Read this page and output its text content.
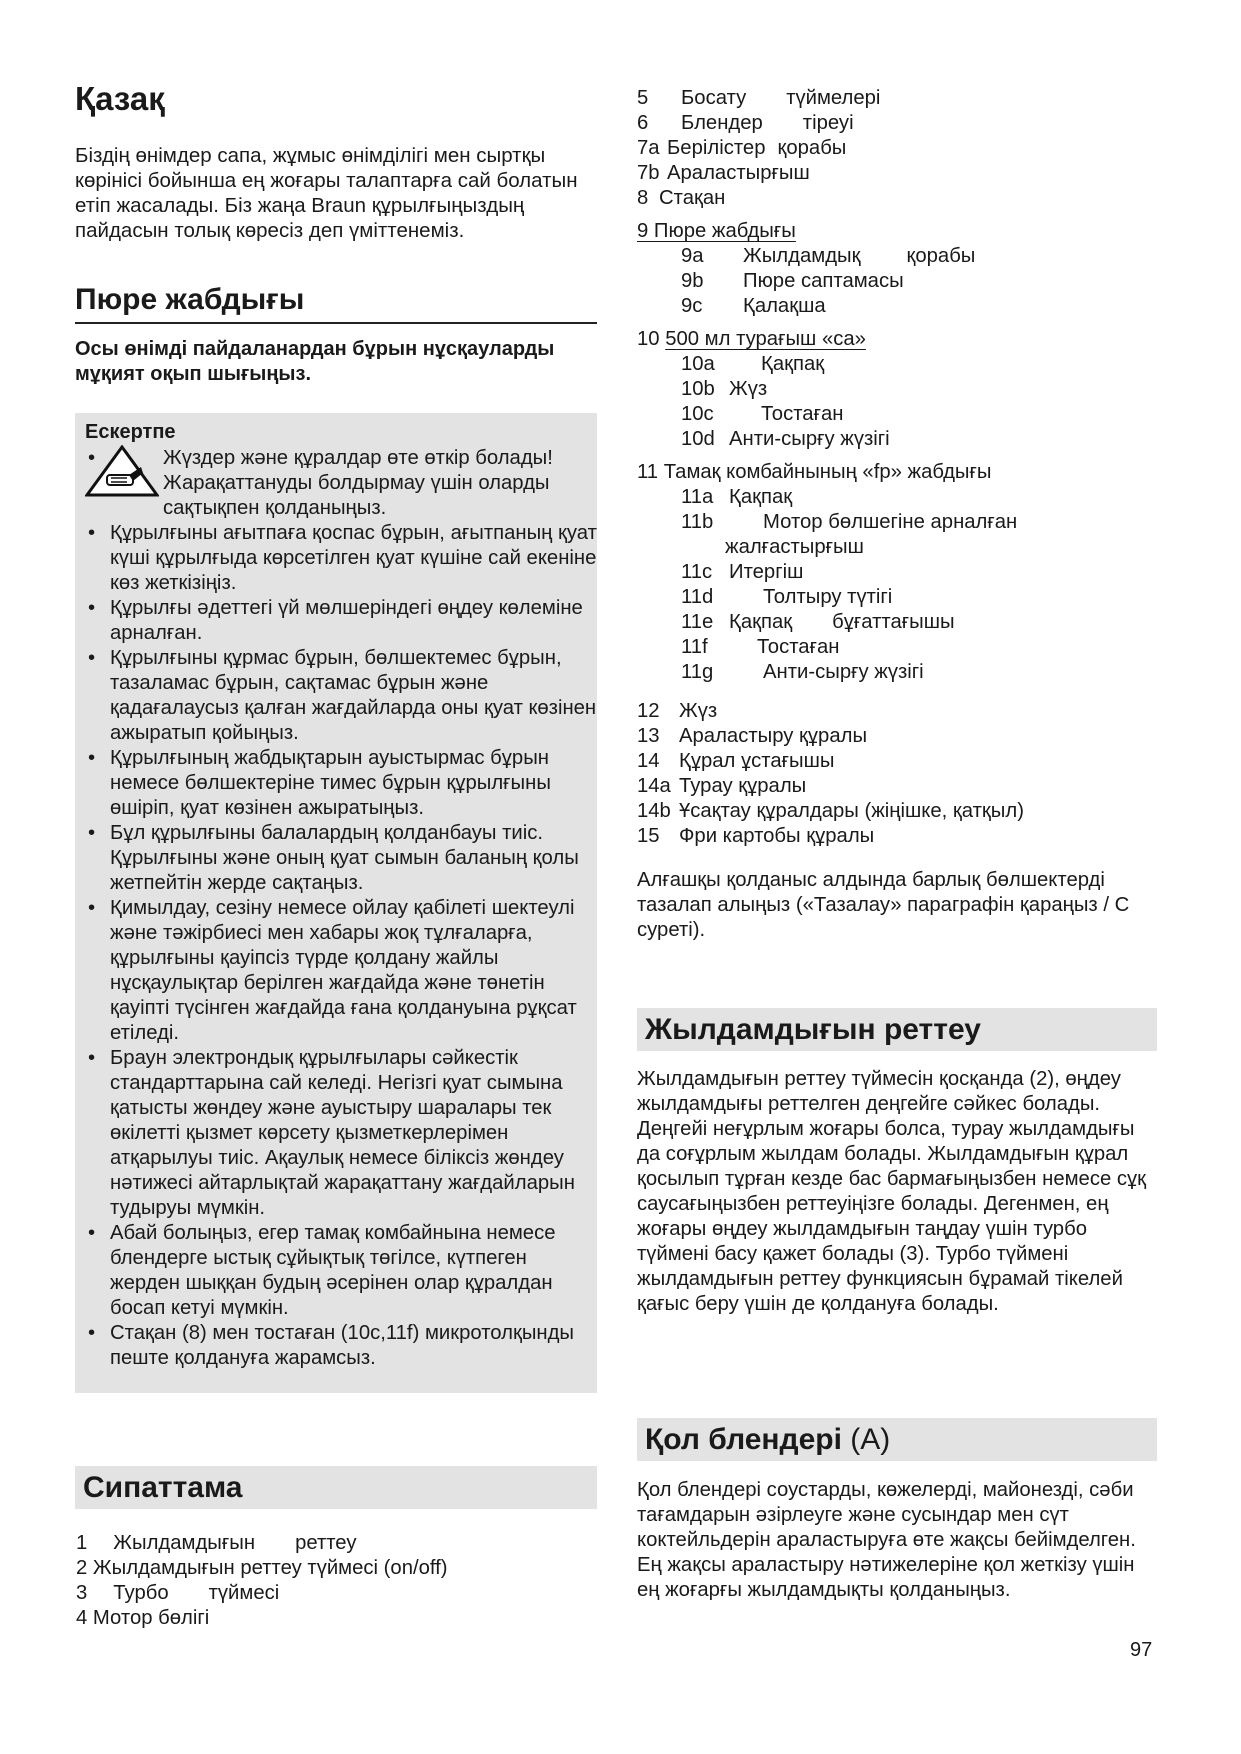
Қазақ

Біздің өнімдер сапа, жұмыс өнімділігі мен сыртқы көрінісі бойынша ең жоғары талаптарға сай болатын етіп жасалады. Біз жаңа Braun құрылғыңыздың пайдасын толық көресіз деп үміттенеміз.

Пюре жабдығы

Осы өнімді пайдаланардан бұрын нұсқауларды мұқият оқып шығыңыз.

Ескертпе
•	Жүздер және құралдар өте өткір болады! Жарақаттануды болдырмау үшін оларды сақтықпен қолданыңыз.
• Құрылғыны ағытпаға қоспас бұрын, ағытпаның қуат күші құрылғыда көрсетілген қуат күшіне сай екеніне көз жеткізіңіз.
• Құрылғы әдеттегі үй мөлшеріндегі өңдеу көлеміне арналған.
• Құрылғыны құрмас бұрын, бөлшектемес бұрын, тазаламас бұрын, сақтамас бұрын және қадағалаусыз қалған жағдайларда оны қуат көзінен ажыратып қойыңыз.
• Құрылғының жабдықтарын ауыстырмас бұрын немесе бөлшектеріне тимес бұрын құрылғыны өшіріп, қуат көзінен ажыратыңыз.
• Бұл құрылғыны балалардың қолданбауы тиіс. Құрылғыны және оның қуат сымын баланың қолы жетпейтін жерде сақтаңыз.
• Қимылдау, сезіну немесе ойлау қабілеті шектеулі және тәжірбиесі мен хабары жоқ тұлғаларға, құрылғыны қауіпсіз түрде қолдану жайлы нұсқаулықтар берілген жағдайда және төнетін қауіпті түсінген жағдайда ғана қолдануына рұқсат етіледі.
• Браун электрондық құрылғылары сәйкестік стандарттарына сай келеді. Негізгі қуат сымына қатысты жөндеу және ауыстыру шаралары тек өкілетті қызмет көрсету қызметкерлерімен атқарылуы тиіс. Ақаулық немесе біліксіз жөндеу нәтижесі айтарлықтай жарақаттану жағдайларын тудыруы мүмкін.
• Абай болыңыз, егер тамақ комбайнына немесе блендерге ыстық сұйықтық төгілсе, күтпеген жерден шыққан будың әсерінен олар құралдан босап кетуі мүмкін.
• Стақан (8) мен тостаған (10c,11f) микротолқынды пеште қолдануға жарамсыз.
Сипаттама
1 Жылдамдығын реттеу
2 Жылдамдығын реттеу түймесі (on/off)
3 Турбо түймесі
4 Мотор бөлігі
5 Босату түймелері
6 Блендер тіреуі
7a Берілістер қорабы
7b Араластырғыш
8 Стақан
9 Пюре жабдығы
9a Жылдамдық қорабы
9b Пюре саптамасы
9c Қалақша
10 500 мл турағыш «са»
10a Қақпақ
10b Жүз
10c Тостаған
10d Анти-сырғу жүзігі
11 Тамақ комбайнының «fp» жабдығы
11a Қақпақ
11b Мотор бөлшегіне арналған
жалғастырғыш
11c Итергіш
11d Толтыру түтігі
11e Қақпақ бұғаттағышы
11f Тостаған
11g Анти-сырғу жүзігі
12 Жүз
13 Араластыру құралы
14 Құрал ұстағышы
14a Турау құралы
14b Ұсақтау құралдары (жіңішке, қатқыл)
15 Фри картобы құралы

Алғашқы қолданыс алдында барлық бөлшектерді тазалап алыңыз («Тазалау» параграфін қараңыз / С суреті).

Жылдамдығын реттеу

Жылдамдығын реттеу түймесін қосқанда (2), өңдеу жылдамдығы реттелген деңгейге сәйкес болады. Деңгейі неғұрлым жоғары болса, турау жылдамдығы да соғұрлым жылдам болады. Жылдамдығын құрал қосылып тұрған кезде бас бармағыңызбен немесе сұқ саусағыңызбен реттеуіңізге болады. Дегенмен, ең жоғары өңдеу жылдамдығын таңдау үшін турбо түймені басу қажет болады (3). Турбо түймені жылдамдығын реттеу функциясын бұрамай тікелей қағыс беру үшін де қолдануға болады.

Қол блендері (A)

Қол блендері соустарды, көжелерді, майонезді, сәби тағамдарын әзірлеуге және сусындар мен сүт коктейльдерін араластыруға өте жақсы бейімделген. Ең жақсы араластыру нәтижелеріне қол жеткізу үшін ең жоғарғы жылдамдықты қолданыңыз.

97
